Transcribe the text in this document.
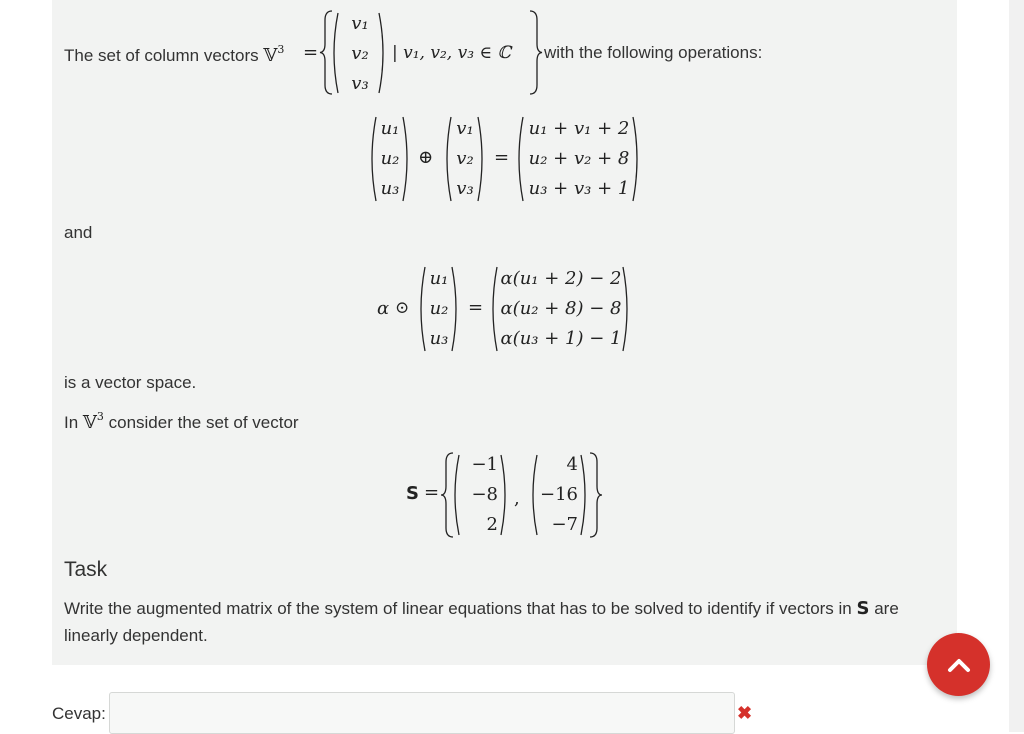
The set of column vectors 𝕍$^3$ =
v₁
v₂
v₃
| v₁, v₂, v₃ ∈ ℂ with the following operations:
u₁
u₂
u₃
⊕
v₁
v₂
v₃
=
u₁ + v₁ + 2
u₂ + v₂ + 8
u₃ + v₃ + 1
and
α ⊙
u₁
u₂
u₃
=
α(u₁ + 2) − 2
α(u₂ + 8) − 8
α(u₃ + 1) − 1
is a vector space.
In 𝕍$^3$ consider the set of vector
S =
−1
−8
2
,
4
−16
−7
Task
Write the augmented matrix of the system of linear equations that has to be solved to identify if vectors in S are
linearly dependent.
Cevap:	✖
